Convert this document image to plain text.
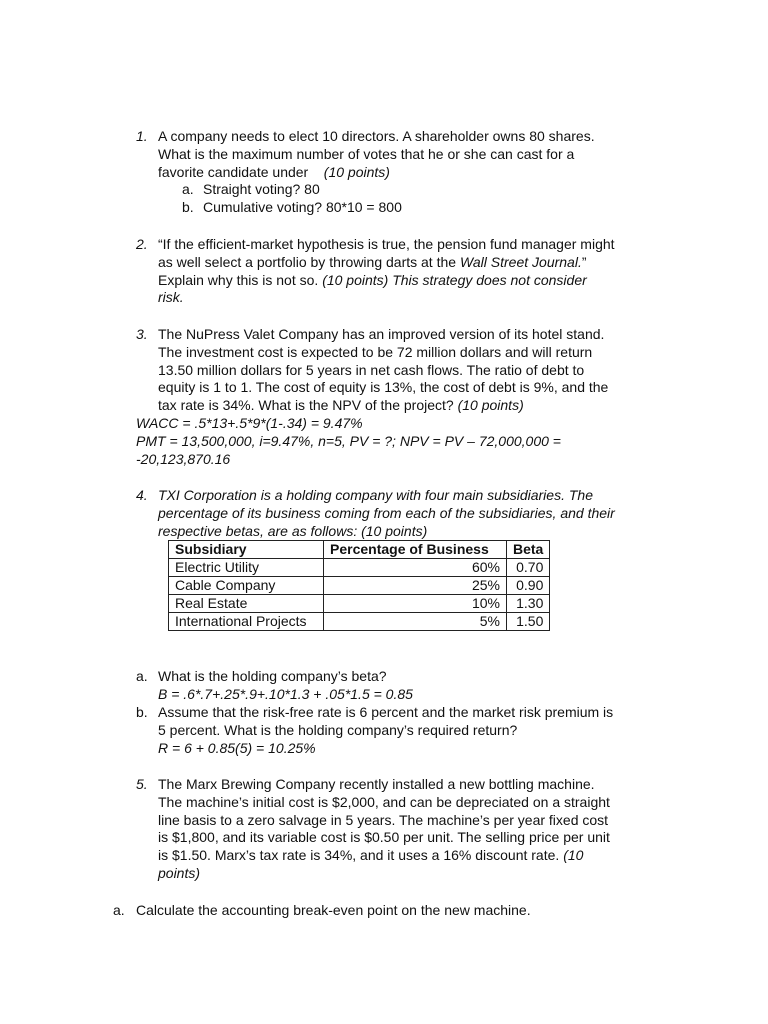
1. A company needs to elect 10 directors. A shareholder owns 80 shares.
What is the maximum number of votes that he or she can cast for a
favorite candidate under (10 points)
a. Straight voting? 80
b. Cumulative voting? 80*10 = 800
2. “If the efficient-market hypothesis is true, the pension fund manager might
as well select a portfolio by throwing darts at the Wall Street Journal.”
Explain why this is not so. (10 points) This strategy does not consider
risk.
3. The NuPress Valet Company has an improved version of its hotel stand.
The investment cost is expected to be 72 million dollars and will return
13.50 million dollars for 5 years in net cash flows. The ratio of debt to
equity is 1 to 1. The cost of equity is 13%, the cost of debt is 9%, and the
tax rate is 34%. What is the NPV of the project? (10 points)
WACC = .5*13+.5*9*(1-.34) = 9.47%
PMT = 13,500,000, i=9.47%, n=5, PV = ?; NPV = PV – 72,000,000 =
-20,123,870.16
4. TXI Corporation is a holding company with four main subsidiaries. The
percentage of its business coming from each of the subsidiaries, and their
respective betas, are as follows: (10 points)
Subsidiary	Percentage of Business	Beta
Electric Utility	60%	0.70
Cable Company	25%	0.90
Real Estate	10%	1.30
International Projects	5%	1.50
a. What is the holding company’s beta?
B = .6*.7+.25*.9+.10*1.3 + .05*1.5 = 0.85
b. Assume that the risk-free rate is 6 percent and the market risk premium is
5 percent. What is the holding company’s required return?
R = 6 + 0.85(5) = 10.25%
5. The Marx Brewing Company recently installed a new bottling machine.
The machine’s initial cost is $2,000, and can be depreciated on a straight
line basis to a zero salvage in 5 years. The machine’s per year fixed cost
is $1,800, and its variable cost is $0.50 per unit. The selling price per unit
is $1.50. Marx’s tax rate is 34%, and it uses a 16% discount rate. (10
points)
a. Calculate the accounting break-even point on the new machine.
